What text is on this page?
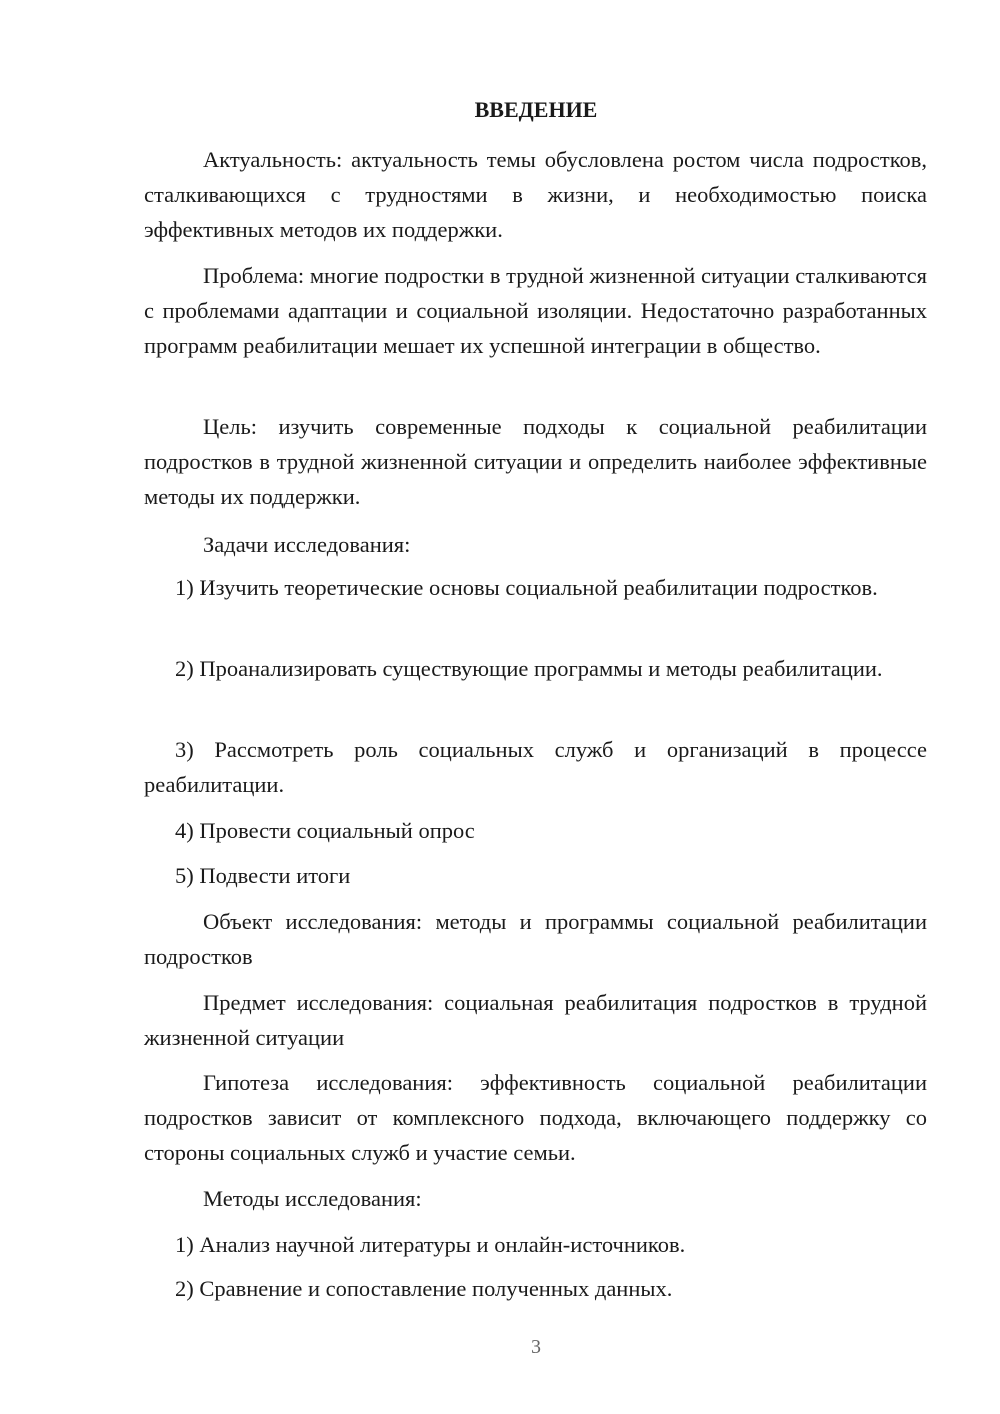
ВВЕДЕНИЕ

Актуальность: актуальность темы обусловлена ростом числа подростков, сталкивающихся с трудностями в жизни, и необходимостью поиска эффективных методов их поддержки.

Проблема: многие подростки в трудной жизненной ситуации сталкиваются с проблемами адаптации и социальной изоляции. Недостаточно разработанных программ реабилитации мешает их успешной интеграции в общество.

Цель: изучить современные подходы к социальной реабилитации подростков в трудной жизненной ситуации и определить наиболее эффективные методы их поддержки.

Задачи исследования:

1) Изучить теоретические основы социальной реабилитации подростков.

2) Проанализировать существующие программы и методы реабилитации.

3) Рассмотреть роль социальных служб и организаций в процессе реабилитации.

4) Провести социальный опрос

5) Подвести итоги

Объект исследования: методы и программы социальной реабилитации подростков

Предмет исследования: социальная реабилитация подростков в трудной жизненной ситуации

Гипотеза исследования: эффективность социальной реабилитации подростков зависит от комплексного подхода, включающего поддержку со стороны социальных служб и участие семьи.

Методы исследования:

1) Анализ научной литературы и онлайн-источников.

2) Сравнение и сопоставление полученных данных.

3
